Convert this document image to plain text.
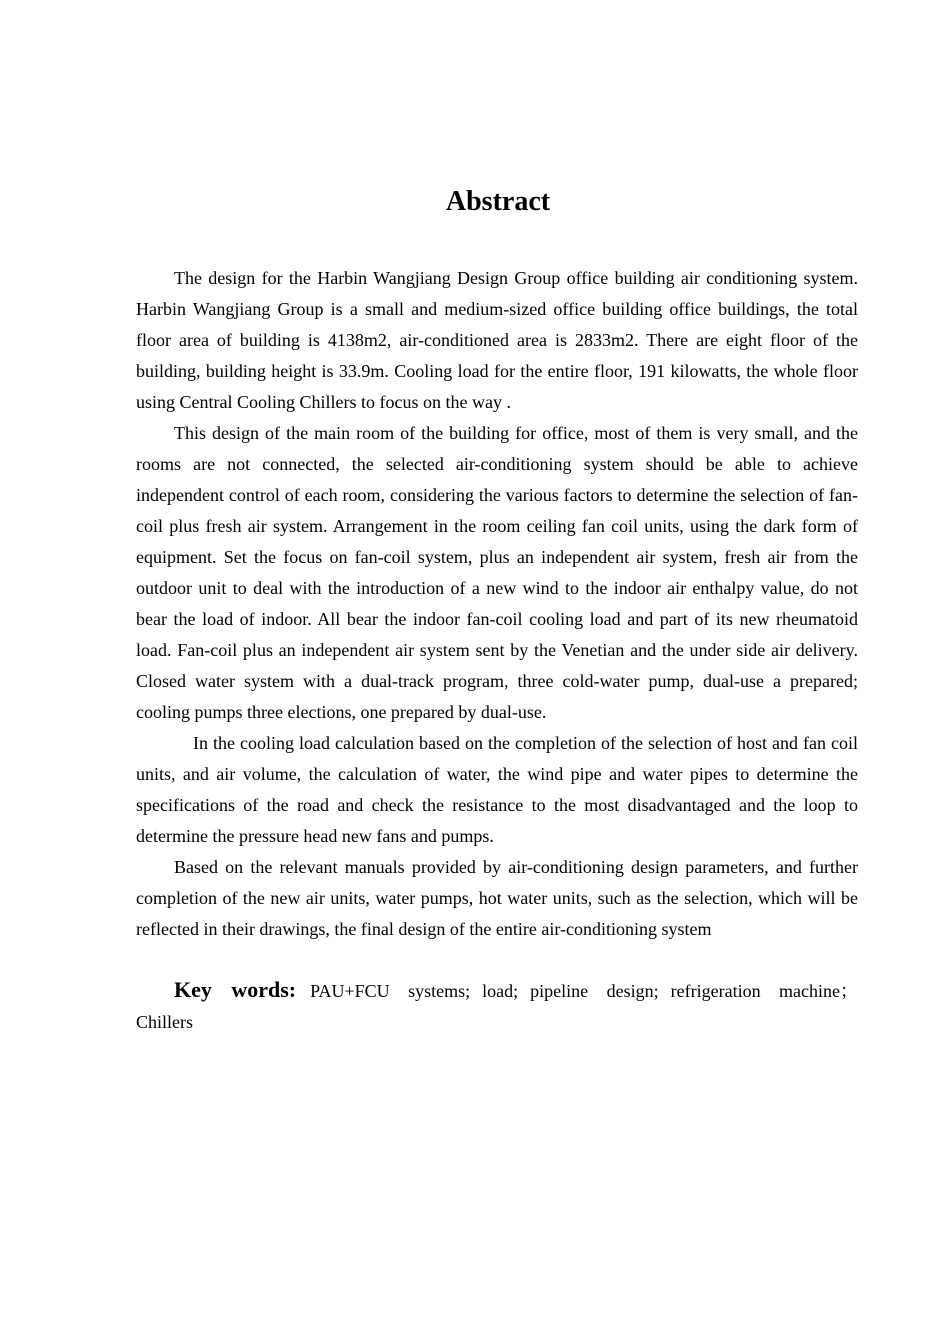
Abstract

The design for the Harbin Wangjiang Design Group office building air conditioning system. Harbin Wangjiang Group is a small and medium-sized office building office buildings, the total floor area of building is 4138m2, air-conditioned area is 2833m2. There are eight floor of the building, building height is 33.9m. Cooling load for the entire floor, 191 kilowatts, the whole floor using Central Cooling Chillers to focus on the way .

This design of the main room of the building for office, most of them is very small, and the rooms are not connected, the selected air-conditioning system should be able to achieve independent control of each room, considering the various factors to determine the selection of fan-coil plus fresh air system. Arrangement in the room ceiling fan coil units, using the dark form of equipment. Set the focus on fan-coil system, plus an independent air system, fresh air from the outdoor unit to deal with the introduction of a new wind to the indoor air enthalpy value, do not bear the load of indoor. All bear the indoor fan-coil cooling load and part of its new rheumatoid load. Fan-coil plus an independent air system sent by the Venetian and the under side air delivery. Closed water system with a dual-track program, three cold-water pump, dual-use a prepared; cooling pumps three elections, one prepared by dual-use.

In the cooling load calculation based on the completion of the selection of host and fan coil units, and air volume, the calculation of water, the wind pipe and water pipes to determine the specifications of the road and check the resistance to the most disadvantaged and the loop to determine the pressure head new fans and pumps.

Based on the relevant manuals provided by air-conditioning design parameters, and further completion of the new air units, water pumps, hot water units, such as the selection, which will be reflected in their drawings, the final design of the entire air-conditioning system

Key words: PAU+FCU systems; load; pipeline design; refrigeration machine；Chillers
